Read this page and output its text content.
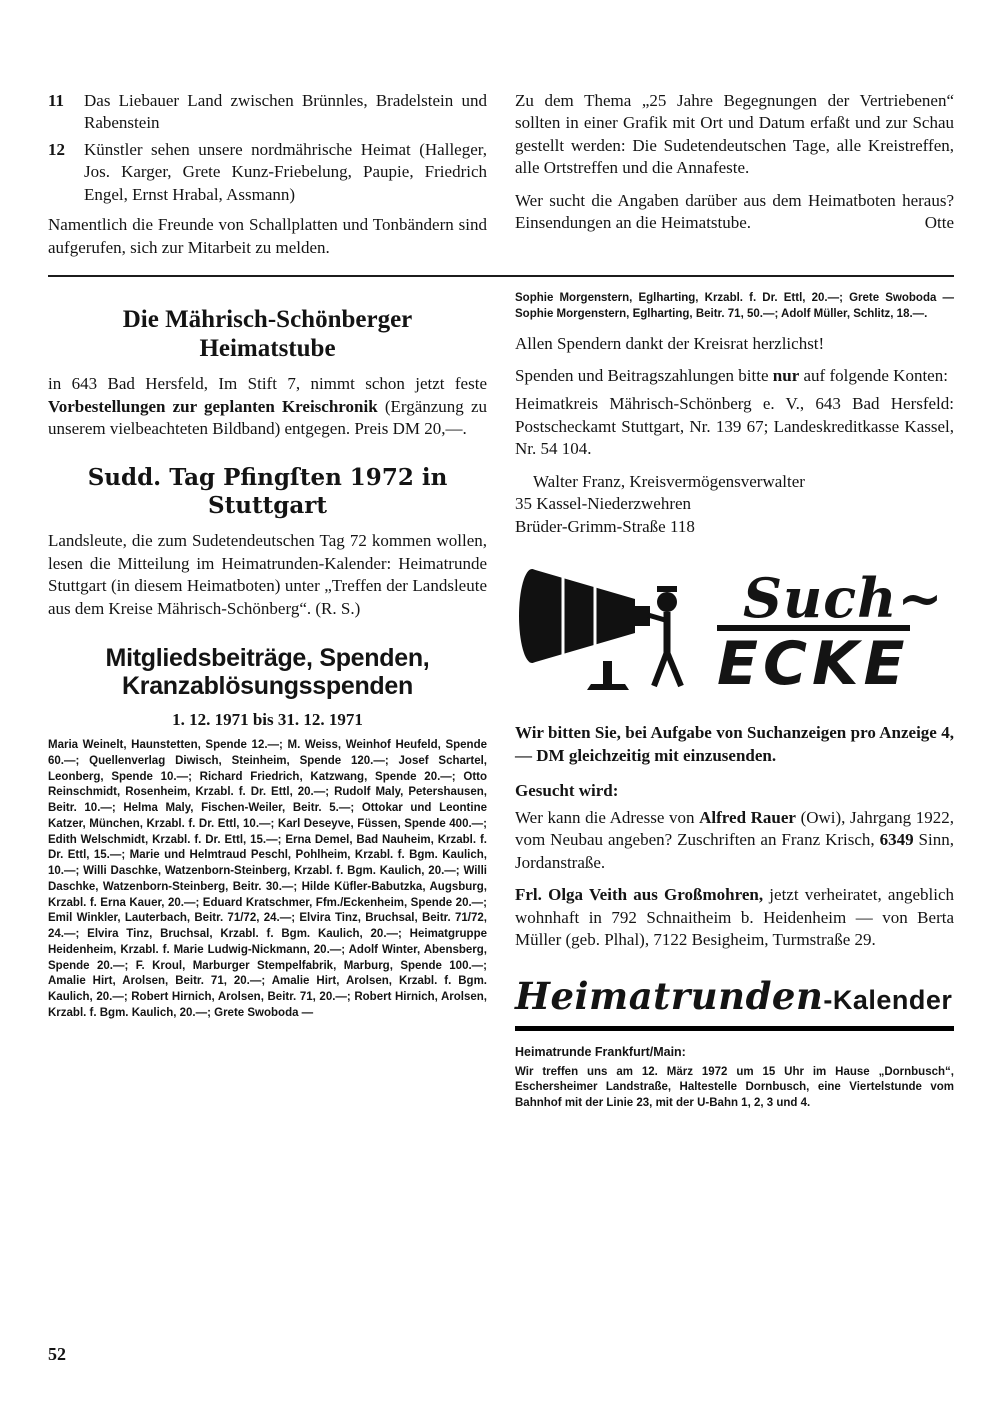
11	Das Liebauer Land zwischen Brünnles, Bradelstein und Rabenstein
12	Künstler sehen unsere nordmährische Heimat (Halleger, Jos. Karger, Grete Kunz-Friebelung, Paupie, Friedrich Engel, Ernst Hrabal, Assmann)

Namentlich die Freunde von Schallplatten und Tonbändern sind aufgerufen, sich zur Mitarbeit zu melden.

Zu dem Thema „25 Jahre Begegnungen der Vertriebenen“ sollten in einer Grafik mit Ort und Datum erfaßt und zur Schau gestellt werden: Die Sudetendeutschen Tage, alle Kreistreffen, alle Ortstreffen und die Annafeste.

Wer sucht die Angaben darüber aus dem Heimatboten heraus? Einsendungen an die Heimatstube.	Otte

Die Mährisch-Schönberger
Heimatstube

in 643 Bad Hersfeld, Im Stift 7, nimmt schon jetzt feste Vorbestellungen zur geplanten Kreischronik (Ergänzung zu unserem vielbeachteten Bildband) entgegen. Preis DM 20,—.

Sudd. Tag Pfingſten 1972 in
Stuttgart

Landsleute, die zum Sudetendeutschen Tag 72 kommen wollen, lesen die Mitteilung im Heimatrunden-Kalender: Heimatrunde Stuttgart (in diesem Heimatboten) unter „Treffen der Landsleute aus dem Kreise Mährisch-Schönberg“. (R. S.)

Mitgliedsbeiträge, Spenden,
Kranzablösungsspenden
1. 12. 1971 bis 31. 12. 1971

Maria Weinelt, Haunstetten, Spende 12.—; M. Weiss, Weinhof Heufeld, Spende 60.—; Quellenverlag Diwisch, Steinheim, Spende 120.—; Josef Schartel, Leonberg, Spende 10.—; Richard Friedrich, Katzwang, Spende 20.—; Otto Reinschmidt, Rosenheim, Krzabl. f. Dr. Ettl, 20.—; Rudolf Maly, Petershausen, Beitr. 10.—; Helma Maly, Fischen-Weiler, Beitr. 5.—; Ottokar und Leontine Katzer, München, Krzabl. f. Dr. Ettl, 10.—; Karl Deseyve, Füssen, Spende 400.—; Edith Welschmidt, Krzabl. f. Dr. Ettl, 15.—; Erna Demel, Bad Nauheim, Krzabl. f. Dr. Ettl, 15.—; Marie und Helmtraud Peschl, Pohlheim, Krzabl. f. Bgm. Kaulich, 10.—; Willi Daschke, Watzenborn-Steinberg, Krzabl. f. Bgm. Kaulich, 20.—; Willi Daschke, Watzenborn-Steinberg, Beitr. 30.—; Hilde Küfler-Babutzka, Augsburg, Krzabl. f. Erna Kauer, 20.—; Eduard Kratschmer, Ffm./Eckenheim, Spende 20.—; Emil Winkler, Lauterbach, Beitr. 71/72, 24.—; Elvira Tinz, Bruchsal, Beitr. 71/72, 24.—; Elvira Tinz, Bruchsal, Krzabl. f. Bgm. Kaulich, 20.—; Heimatgruppe Heidenheim, Krzabl. f. Marie Ludwig-Nickmann, 20.—; Adolf Winter, Abensberg, Spende 20.—; F. Kroul, Marburger Stempelfabrik, Marburg, Spende 100.—; Amalie Hirt, Arolsen, Beitr. 71, 20.—; Amalie Hirt, Arolsen, Krzabl. f. Bgm. Kaulich, 20.—; Robert Hirnich, Arolsen, Beitr. 71, 20.—; Robert Hirnich, Arolsen, Krzabl. f. Bgm. Kaulich, 20.—; Grete Swoboda —

Sophie Morgenstern, Eglharting, Krzabl. f. Dr. Ettl, 20.—; Grete Swoboda — Sophie Morgenstern, Eglharting, Beitr. 71, 50.—; Adolf Müller, Schlitz, 18.—.

Allen Spendern dankt der Kreisrat herzlichst!

Spenden und Beitragszahlungen bitte nur auf folgende Konten:

Heimatkreis Mährisch-Schönberg e. V., 643 Bad Hersfeld: Postscheckamt Stuttgart, Nr. 139 67; Landeskreditkasse Kassel, Nr. 54 104.

Walter Franz, Kreisvermögensverwalter
35 Kassel-Niederzwehren
Brüder-Grimm-Straße 118
Such~
ECKE

Wir bitten Sie, bei Aufgabe von Suchanzeigen pro Anzeige 4,— DM gleichzeitig mit einzusenden.

Gesucht wird:

Wer kann die Adresse von Alfred Rauer (Owi), Jahrgang 1922, vom Neubau angeben? Zuschriften an Franz Krisch, 6349 Sinn, Jordanstraße.

Frl. Olga Veith aus Großmohren, jetzt verheiratet, angeblich wohnhaft in 792 Schnaitheim b. Heidenheim — von Berta Müller (geb. Plhal), 7122 Besigheim, Turmstraße 29.

Heimatrunden-Kalender
Heimatrunde Frankfurt/Main:

Wir treffen uns am 12. März 1972 um 15 Uhr im Hause „Dornbusch“, Eschersheimer Landstraße, Haltestelle Dornbusch, eine Viertelstunde vom Bahnhof mit der Linie 23, mit der U-Bahn 1, 2, 3 und 4.

52
